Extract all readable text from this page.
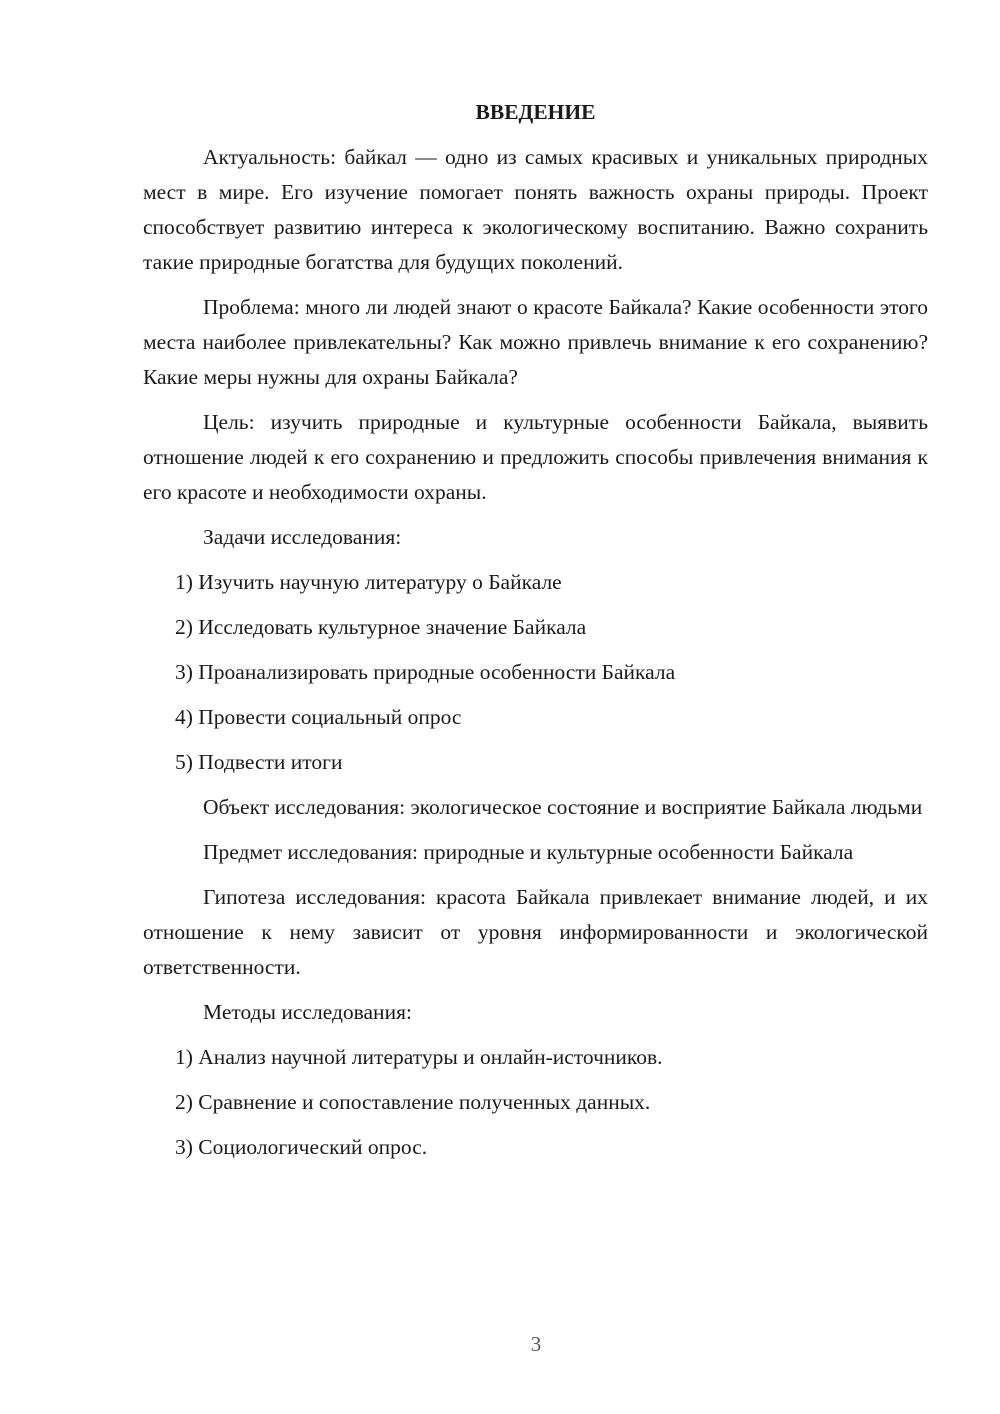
ВВЕДЕНИЕ

Актуальность: байкал — одно из самых красивых и уникальных природных мест в мире. Его изучение помогает понять важность охраны природы. Проект способствует развитию интереса к экологическому воспитанию. Важно сохранить такие природные богатства для будущих поколений.

Проблема: много ли людей знают о красоте Байкала? Какие особенности этого места наиболее привлекательны? Как можно привлечь внимание к его сохранению? Какие меры нужны для охраны Байкала?

Цель: изучить природные и культурные особенности Байкала, выявить отношение людей к его сохранению и предложить способы привлечения внимания к его красоте и необходимости охраны.

Задачи исследования:

1) Изучить научную литературу о Байкале
2) Исследовать культурное значение Байкала
3) Проанализировать природные особенности Байкала
4) Провести социальный опрос
5) Подвести итоги

Объект исследования: экологическое состояние и восприятие Байкала людьми

Предмет исследования: природные и культурные особенности Байкала

Гипотеза исследования: красота Байкала привлекает внимание людей, и их отношение к нему зависит от уровня информированности и экологической ответственности.

Методы исследования:

1) Анализ научной литературы и онлайн-источников.
2) Сравнение и сопоставление полученных данных.
3) Социологический опрос.
3
